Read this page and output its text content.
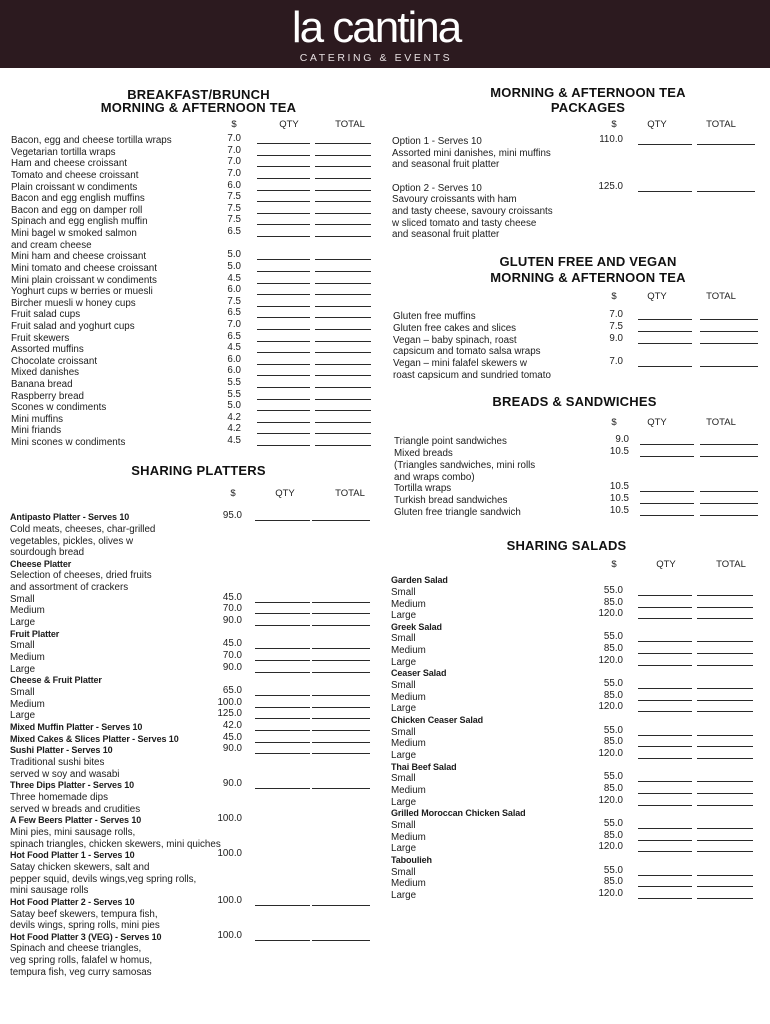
la cantina
CATERING & EVENTS
BREAKFAST/BRUNCH
MORNING & AFTERNOON TEA
$	QTY	TOTAL
Bacon, egg and cheese tortilla wraps	7.0
Vegetarian tortilla wraps	7.0
Ham and cheese croissant	7.0
Tomato and cheese croissant	7.0
Plain croissant w condiments	6.0
Bacon and egg english muffins	7.5
Bacon and egg on damper roll	7.5
Spinach and egg english muffin	7.5
Mini bagel w smoked salmon	6.5
and cream cheese
Mini ham and cheese croissant	5.0
Mini tomato and cheese croissant	5.0
Mini plain croissant w condiments	4.5
Yoghurt cups w berries or muesli	6.0
Bircher muesli w honey cups	7.5
Fruit salad cups	6.5
Fruit salad and yoghurt cups	7.0
Fruit skewers	6.5
Assorted muffins	4.5
Chocolate croissant	6.0
Mixed danishes	6.0
Banana bread	5.5
Raspberry bread	5.5
Scones w condiments	5.0
Mini muffins	4.2
Mini friands	4.2
Mini scones w condiments	4.5
SHARING PLATTERS
$	QTY	TOTAL
Antipasto Platter - Serves 10	95.0
Cold meats, cheeses, char-grilled
vegetables, pickles, olives w
sourdough bread
Cheese Platter
Selection of cheeses, dried fruits
and assortment of crackers
Small	45.0
Medium	70.0
Large	90.0
Fruit Platter
Small	45.0
Medium	70.0
Large	90.0
Cheese & Fruit Platter
Small	65.0
Medium	100.0
Large	125.0
Mixed Muffin Platter - Serves 10	42.0
Mixed Cakes & Slices Platter - Serves 10	45.0
Sushi Platter - Serves 10	90.0
Traditional sushi bites
served w soy and wasabi
Three Dips Platter - Serves 10	90.0
Three homemade dips
served w breads and crudities
A Few Beers Platter - Serves 10	100.0
Mini pies, mini sausage rolls,
spinach triangles, chicken skewers, mini quiches
Hot Food Platter 1 - Serves 10	100.0
Satay chicken skewers, salt and
pepper squid, devils wings,veg spring rolls,
mini sausage rolls
Hot Food Platter 2 - Serves 10	100.0
Satay beef skewers, tempura fish,
devils wings, spring rolls, mini pies
Hot Food Platter 3 (VEG) - Serves 10	100.0
Spinach and cheese triangles,
veg spring rolls, falafel w homus,
tempura fish, veg curry samosas
MORNING & AFTERNOON TEA
PACKAGES
$	QTY	TOTAL
Option 1 - Serves 10	110.0
Assorted mini danishes, mini muffins
and seasonal fruit platter
Option 2 - Serves 10	125.0
Savoury croissants with ham
and tasty cheese, savoury croissants
w sliced tomato and tasty cheese
and seasonal fruit platter
GLUTEN FREE AND VEGAN
MORNING & AFTERNOON TEA
$	QTY	TOTAL
Gluten free muffins	7.0
Gluten free cakes and slices	7.5
Vegan – baby spinach, roast	9.0
capsicum and tomato salsa wraps
Vegan – mini falafel skewers w	7.0
roast capsicum and sundried tomato
BREADS & SANDWICHES
$	QTY	TOTAL
Triangle point sandwiches	9.0
Mixed breads	10.5
(Triangles sandwiches, mini rolls
and wraps combo)
Tortilla wraps	10.5
Turkish bread sandwiches	10.5
Gluten free triangle sandwich	10.5
SHARING SALADS
$	QTY	TOTAL
Garden Salad
Small	55.0
Medium	85.0
Large	120.0
Greek Salad
Small	55.0
Medium	85.0
Large	120.0
Ceaser Salad
Small	55.0
Medium	85.0
Large	120.0
Chicken Ceaser Salad
Small	55.0
Medium	85.0
Large	120.0
Thai Beef Salad
Small	55.0
Medium	85.0
Large	120.0
Grilled Moroccan Chicken Salad
Small	55.0
Medium	85.0
Large	120.0
Taboulieh
Small	55.0
Medium	85.0
Large	120.0
